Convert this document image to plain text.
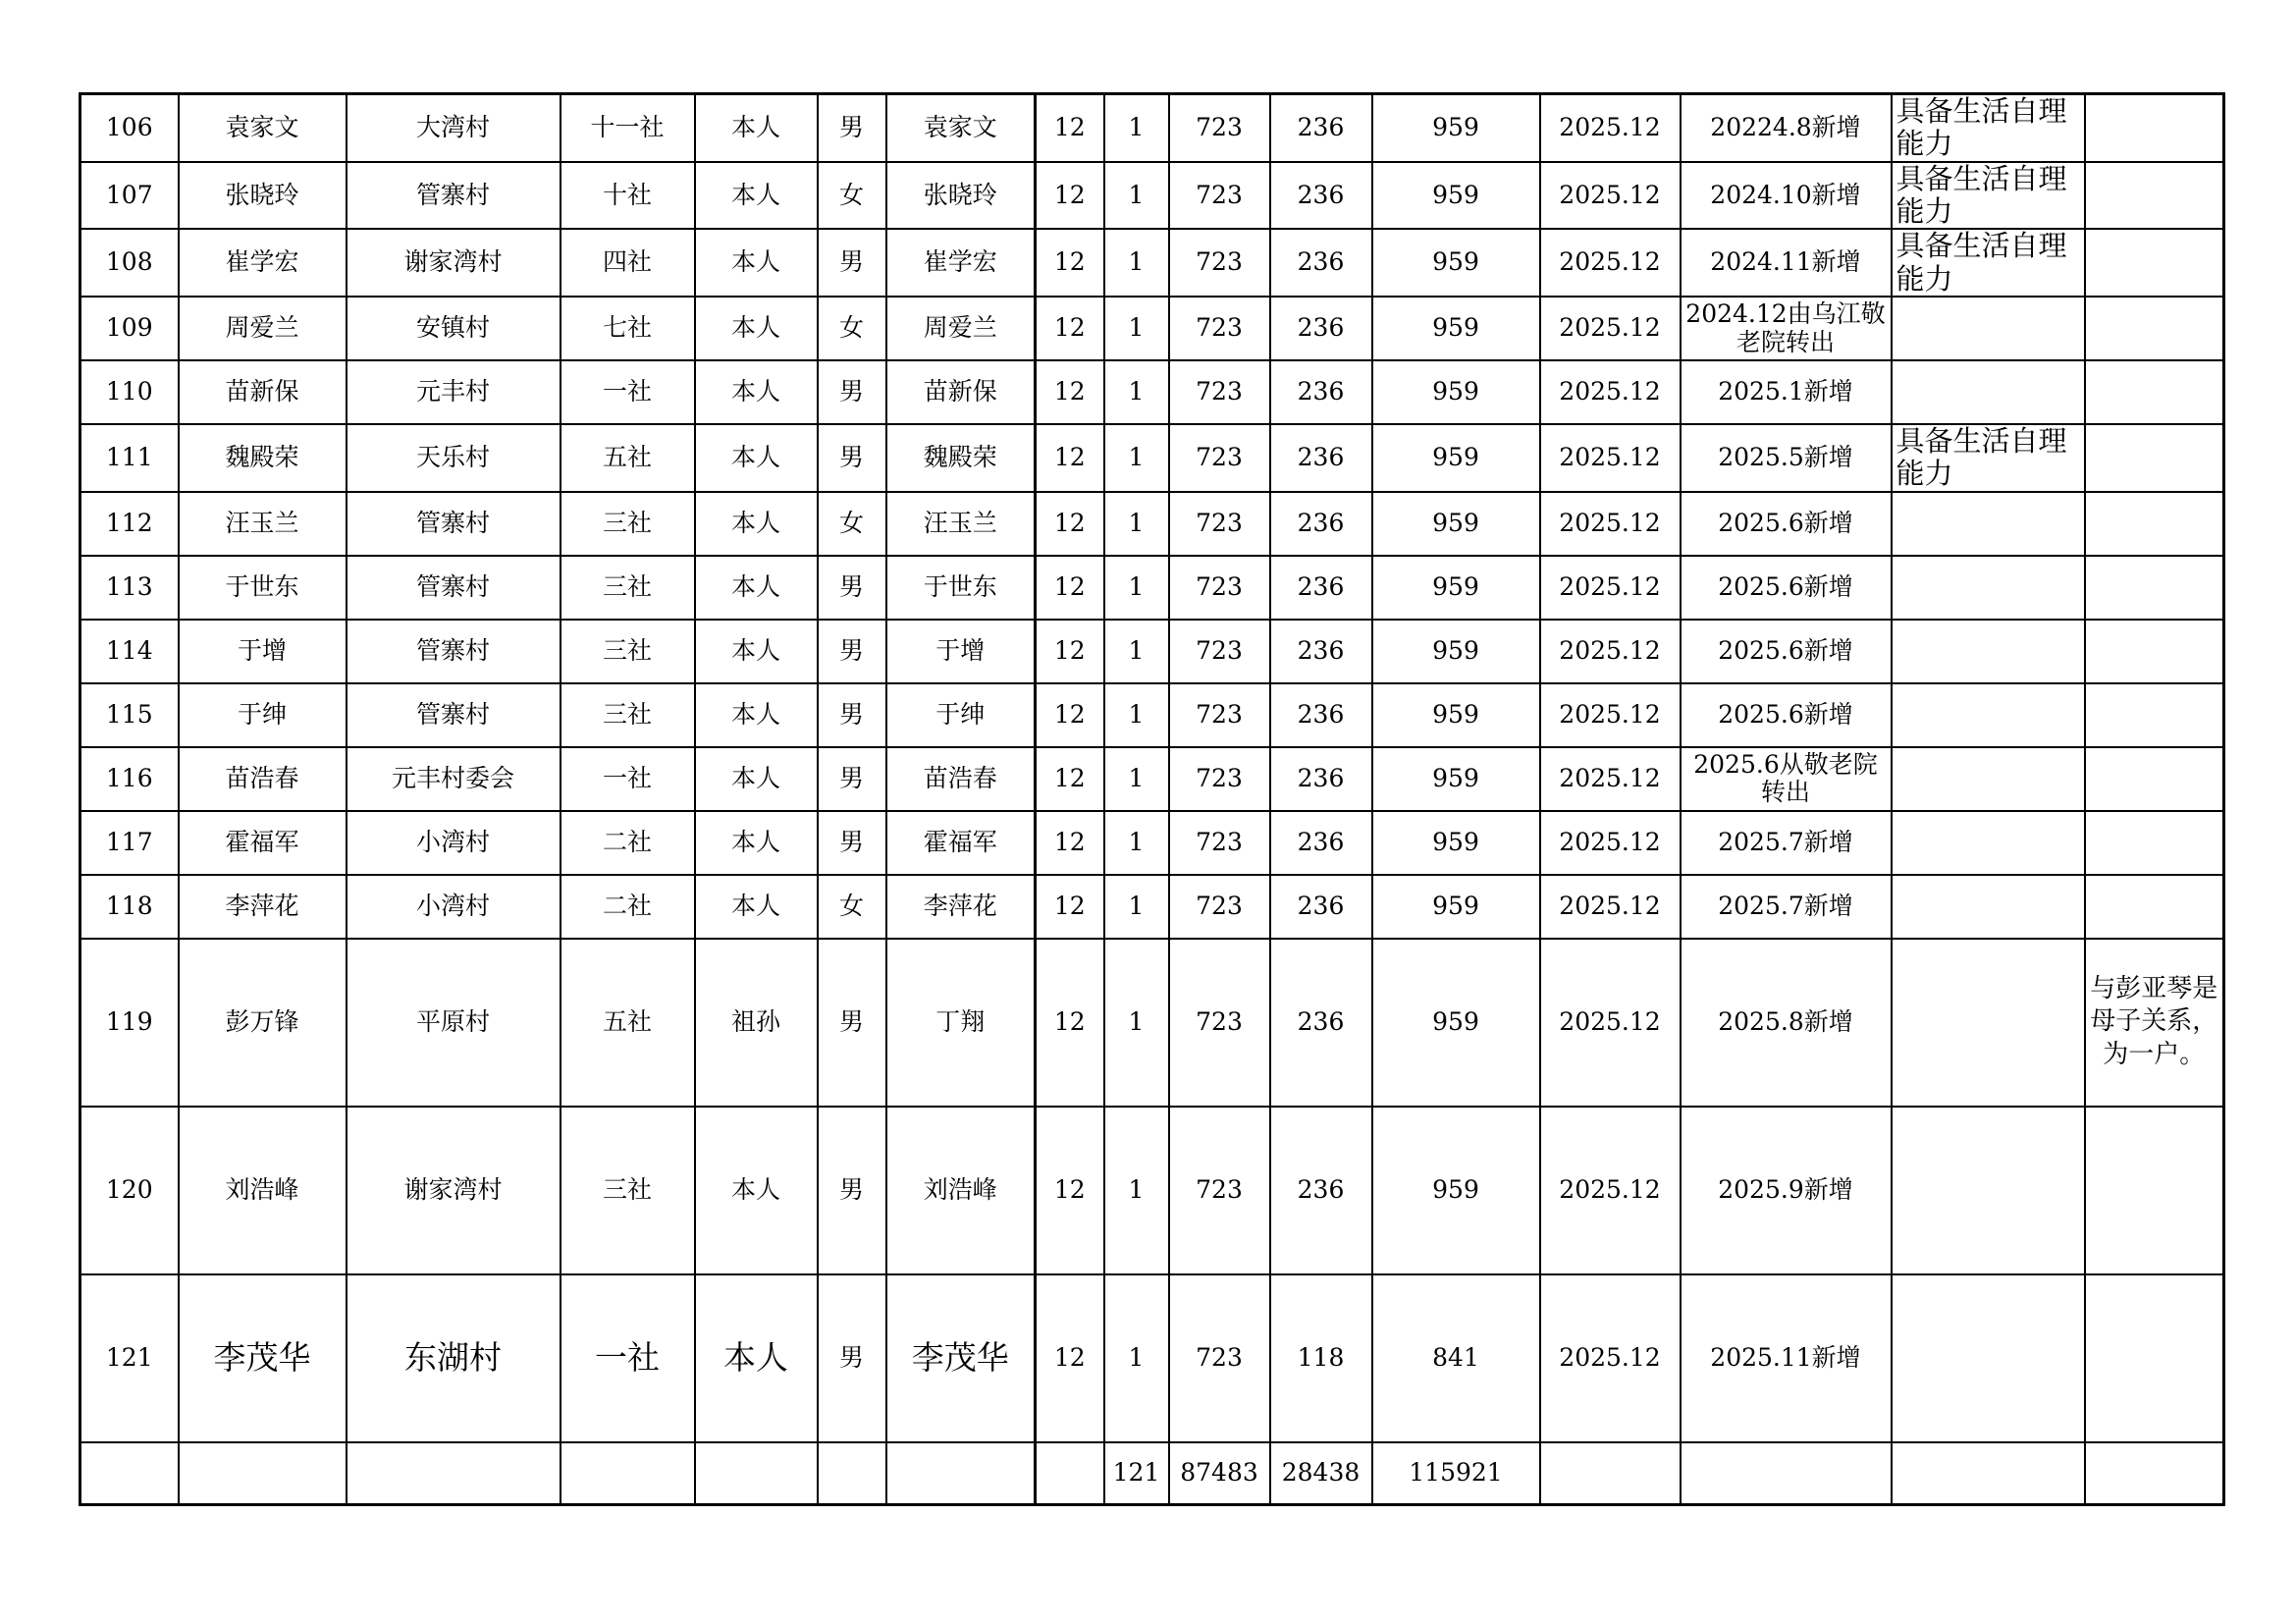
106	袁家文	大湾村	十一社	本人	男	袁家文	12	1	723	236	959	2025.12	20224.8新增	具备生活自理能力	
107	张晓玲	管寨村	十社	本人	女	张晓玲	12	1	723	236	959	2025.12	2024.10新增	具备生活自理能力	
108	崔学宏	谢家湾村	四社	本人	男	崔学宏	12	1	723	236	959	2025.12	2024.11新增	具备生活自理能力	
109	周爱兰	安镇村	七社	本人	女	周爱兰	12	1	723	236	959	2025.12	2024.12由乌江敬老院转出		
110	苗新保	元丰村	一社	本人	男	苗新保	12	1	723	236	959	2025.12	2025.1新增		
111	魏殿荣	天乐村	五社	本人	男	魏殿荣	12	1	723	236	959	2025.12	2025.5新增	具备生活自理能力	
112	汪玉兰	管寨村	三社	本人	女	汪玉兰	12	1	723	236	959	2025.12	2025.6新增		
113	于世东	管寨村	三社	本人	男	于世东	12	1	723	236	959	2025.12	2025.6新增		
114	于增	管寨村	三社	本人	男	于增	12	1	723	236	959	2025.12	2025.6新增		
115	于绅	管寨村	三社	本人	男	于绅	12	1	723	236	959	2025.12	2025.6新增		
116	苗浩春	元丰村委会	一社	本人	男	苗浩春	12	1	723	236	959	2025.12	2025.6从敬老院转出		
117	霍福军	小湾村	二社	本人	男	霍福军	12	1	723	236	959	2025.12	2025.7新增		
118	李萍花	小湾村	二社	本人	女	李萍花	12	1	723	236	959	2025.12	2025.7新增		
119	彭万锋	平原村	五社	祖孙	男	丁翔	12	1	723	236	959	2025.12	2025.8新增		与彭亚琴是母子关系，为一户。
120	刘浩峰	谢家湾村	三社	本人	男	刘浩峰	12	1	723	236	959	2025.12	2025.9新增		
121	李茂华	东湖村	一社	本人	男	李茂华	12	1	723	118	841	2025.12	2025.11新增		
								121	87483	28438	115921				
